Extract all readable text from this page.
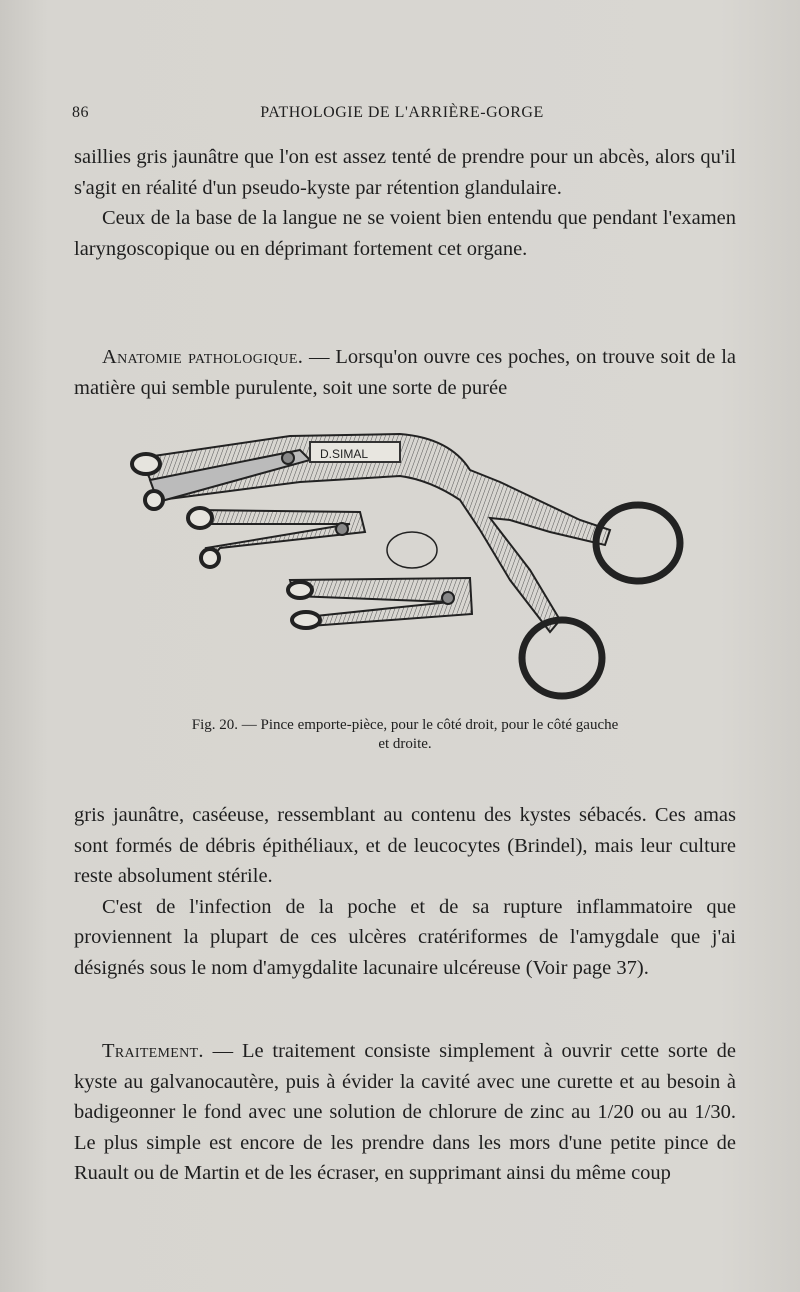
86	PATHOLOGIE DE L'ARRIÈRE-GORGE

saillies gris jaunâtre que l'on est assez tenté de prendre pour un abcès, alors qu'il s'agit en réalité d'un pseudo-kyste par rétention glandulaire.

Ceux de la base de la langue ne se voient bien entendu que pendant l'examen laryngoscopique ou en déprimant fortement cet organe.

Anatomie pathologique. — Lorsqu'on ouvre ces poches, on trouve soit de la matière qui semble purulente, soit une sorte de purée

D.SIMAL
Fig. 20. — Pince emporte-pièce, pour le côté droit, pour le côté gauche
et droite.

gris jaunâtre, caséeuse, ressemblant au contenu des kystes sébacés. Ces amas sont formés de débris épithéliaux, et de leucocytes (Brindel), mais leur culture reste absolument stérile.

C'est de l'infection de la poche et de sa rupture inflammatoire que proviennent la plupart de ces ulcères cratériformes de l'amygdale que j'ai désignés sous le nom d'amygdalite lacunaire ulcéreuse (Voir page 37).

Traitement. — Le traitement consiste simplement à ouvrir cette sorte de kyste au galvanocautère, puis à évider la cavité avec une curette et au besoin à badigeonner le fond avec une solution de chlorure de zinc au 1/20 ou au 1/30. Le plus simple est encore de les prendre dans les mors d'une petite pince de Ruault ou de Martin et de les écraser, en supprimant ainsi du même coup
